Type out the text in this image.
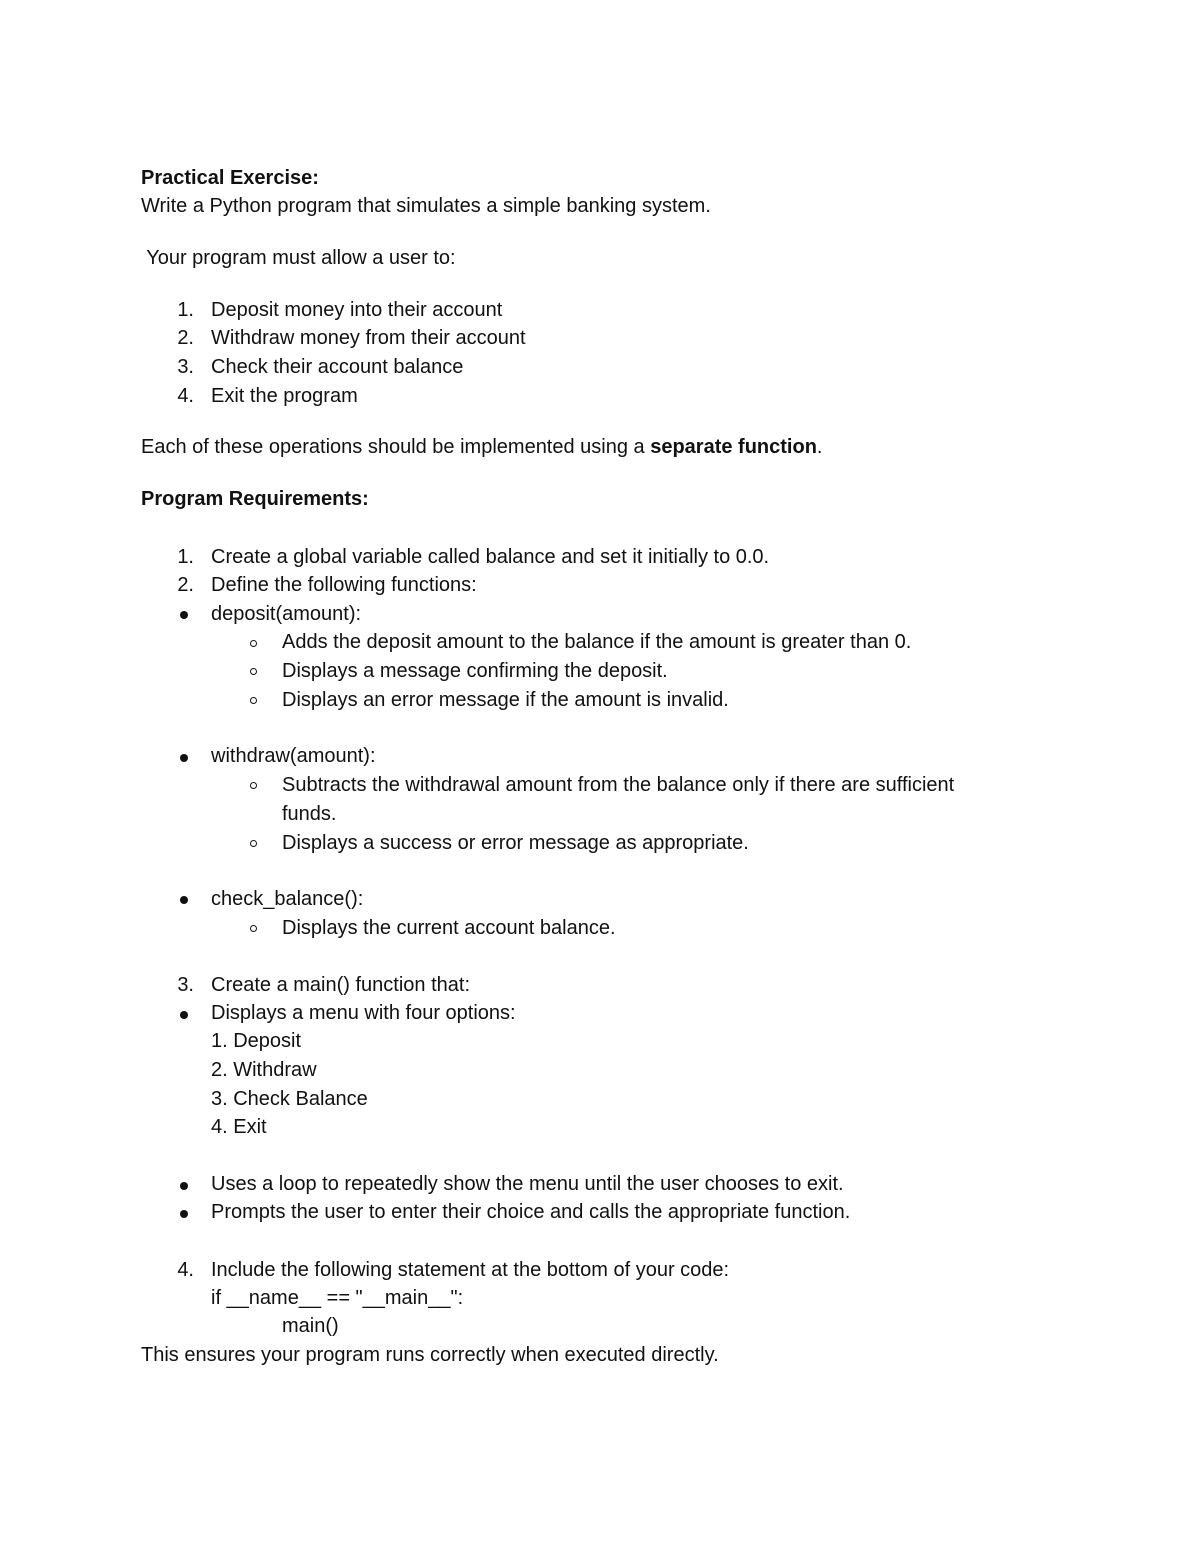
Practical Exercise:
Write a Python program that simulates a simple banking system.
Your program must allow a user to:
1. Deposit money into their account
2. Withdraw money from their account
3. Check their account balance
4. Exit the program
Each of these operations should be implemented using a separate function.
Program Requirements:
1. Create a global variable called balance and set it initially to 0.0.
2. Define the following functions:
deposit(amount):
Adds the deposit amount to the balance if the amount is greater than 0.
Displays a message confirming the deposit.
Displays an error message if the amount is invalid.
withdraw(amount):
Subtracts the withdrawal amount from the balance only if there are sufficient
funds.
Displays a success or error message as appropriate.
check_balance():
Displays the current account balance.
3. Create a main() function that:
Displays a menu with four options:
1. Deposit
2. Withdraw
3. Check Balance
4. Exit
Uses a loop to repeatedly show the menu until the user chooses to exit.
Prompts the user to enter their choice and calls the appropriate function.
4. Include the following statement at the bottom of your code:
if __name__ == "__main__":
main()
This ensures your program runs correctly when executed directly.
